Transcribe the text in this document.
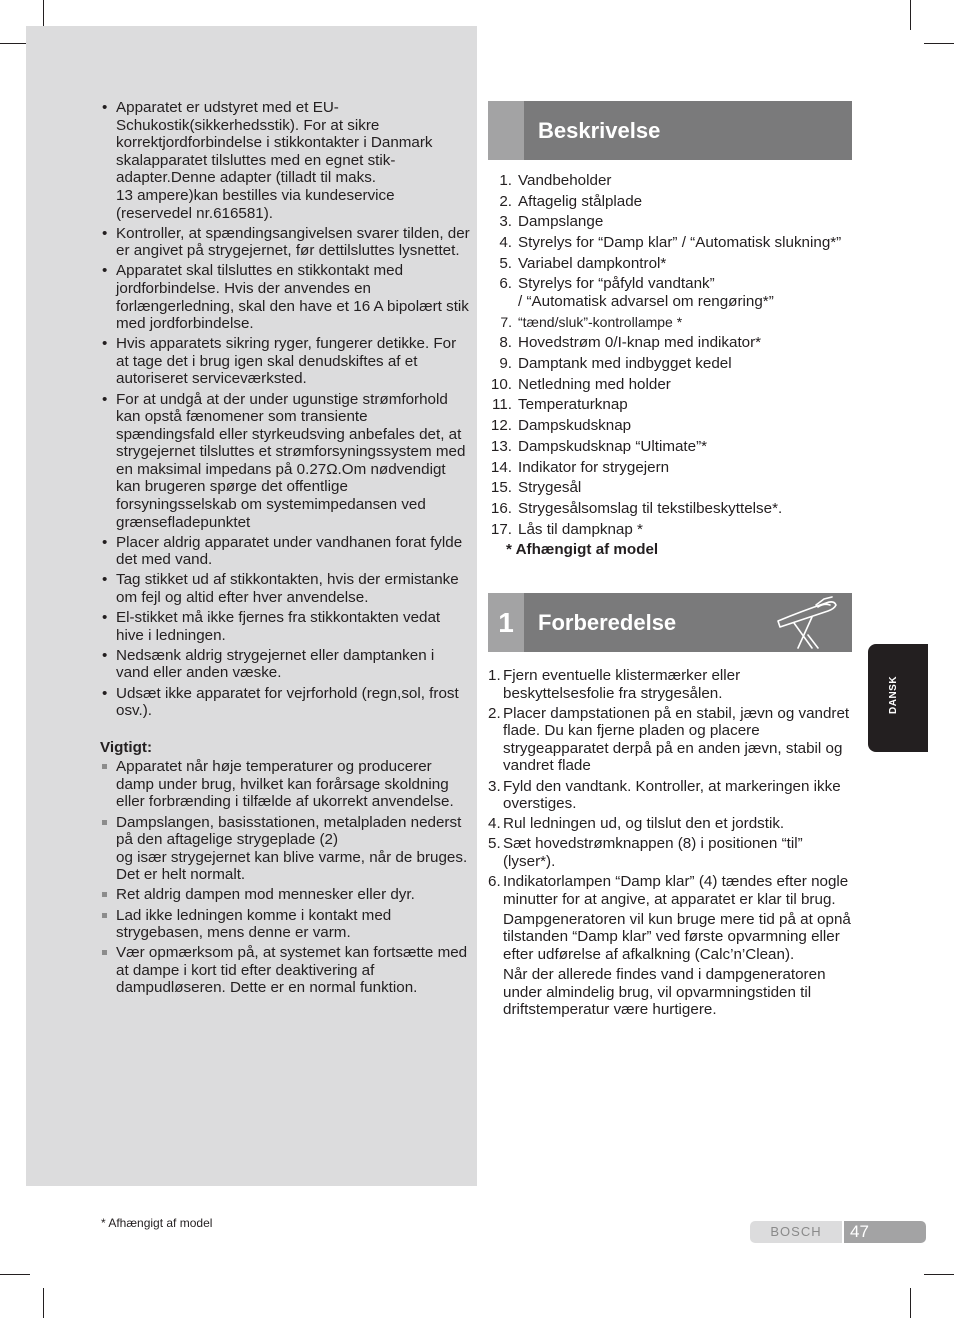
• Apparatet er udstyret med et EU-
Schukostik(sikkerhedsstik). For at sikre korrektjordforbindelse i stikkontakter i Danmark skalapparatet tilsluttes med en egnet stik-adapter.Denne adapter (tilladt til maks.
13 ampere)kan bestilles via kundeservice (reservedel nr.616581).
• Kontroller, at spændingsangivelsen svarer tilden, der er angivet på strygejernet, før dettilsluttes lysnettet.
• Apparatet skal tilsluttes en stikkontakt med jordforbindelse. Hvis der anvendes en forlængerledning, skal den have et 16 A bipolært stik med jordforbindelse.
• Hvis apparatets sikring ryger, fungerer detikke. For at tage det i brug igen skal denudskiftes af et autoriseret serviceværksted.
• For at undgå at der under ugunstige strømforhold kan opstå fænomener som transiente spændingsfald eller styrkeudsving anbefales det, at strygejernet tilsluttes et strømforsyningssystem med en maksimal impedans på 0.27Ω.Om nødvendigt
kan brugeren spørge det offentlige forsyningsselskab om systemimpedansen ved grænsefladepunktet
• Placer aldrig apparatet under vandhanen forat fylde det med vand.
• Tag stikket ud af stikkontakten, hvis der ermistanke om fejl og altid efter hver anvendelse.
• El-stikket må ikke fjernes fra stikkontakten vedat hive i ledningen.
• Nedsænk aldrig strygejernet eller damptanken i vand eller anden væske.
• Udsæt ikke apparatet for vejrforhold (regn,sol, frost osv.).
Vigtigt:
Apparatet når høje temperaturer og producerer damp under brug, hvilket kan forårsage skoldning eller forbrænding i tilfælde af ukorrekt anvendelse.
Dampslangen, basisstationen, metalpladen nederst på den aftagelige strygeplade (2)
og især strygejernet kan blive varme, når de bruges. Det er helt normalt.
Ret aldrig dampen mod mennesker eller dyr.
Lad ikke ledningen komme i kontakt med strygebasen, mens denne er varm.
Vær opmærksom på, at systemet kan fortsætte med at dampe i kort tid efter deaktivering af dampudløseren. Dette er en normal funktion.
Beskrivelse
1. Vandbeholder
2. Aftagelig stålplade
3. Dampslange
4. Styrelys for “Damp klar” / “Automatisk slukning*”
5. Variabel dampkontrol*
6. Styrelys for “påfyld vandtank”
/ “Automatisk advarsel om rengøring*”
7. “tænd/sluk”-kontrollampe *
8. Hovedstrøm 0/I-knap med indikator*
9. Damptank med indbygget kedel
10. Netledning med holder
11. Temperaturknap
12. Dampskudsknap
13. Dampskudsknap “Ultimate”*
14. Indikator for strygejern
15. Strygesål
16. Strygesålsomslag til tekstilbeskyttelse*.
17. Lås til dampknap *
* Afhængigt af model
1	Forberedelse
1. Fjern eventuelle klistermærker eller beskyttelsesfolie fra strygesålen.
2. Placer dampstationen på en stabil, jævn og vandret flade. Du kan fjerne pladen og placere strygeapparatet derpå på en anden jævn, stabil og vandret flade
3. Fyld den vandtank. Kontroller, at markeringen ikke overstiges.
4. Rul ledningen ud, og tilslut den et jordstik.
5. Sæt hovedstrømknappen (8) i positionen “til” (lyser*).
6. Indikatorlampen “Damp klar” (4) tændes efter nogle minutter for at angive, at apparatet er klar til brug.
Dampgeneratoren vil kun bruge mere tid på at opnå tilstanden “Damp klar” ved første opvarmning eller efter udførelse af afkalkning (Calc’n’Clean).
Når der allerede findes vand i dampgeneratoren under almindelig brug, vil opvarmningstiden til driftstemperatur være hurtigere.
DANSK
* Afhængigt af model
BOSCH	47
